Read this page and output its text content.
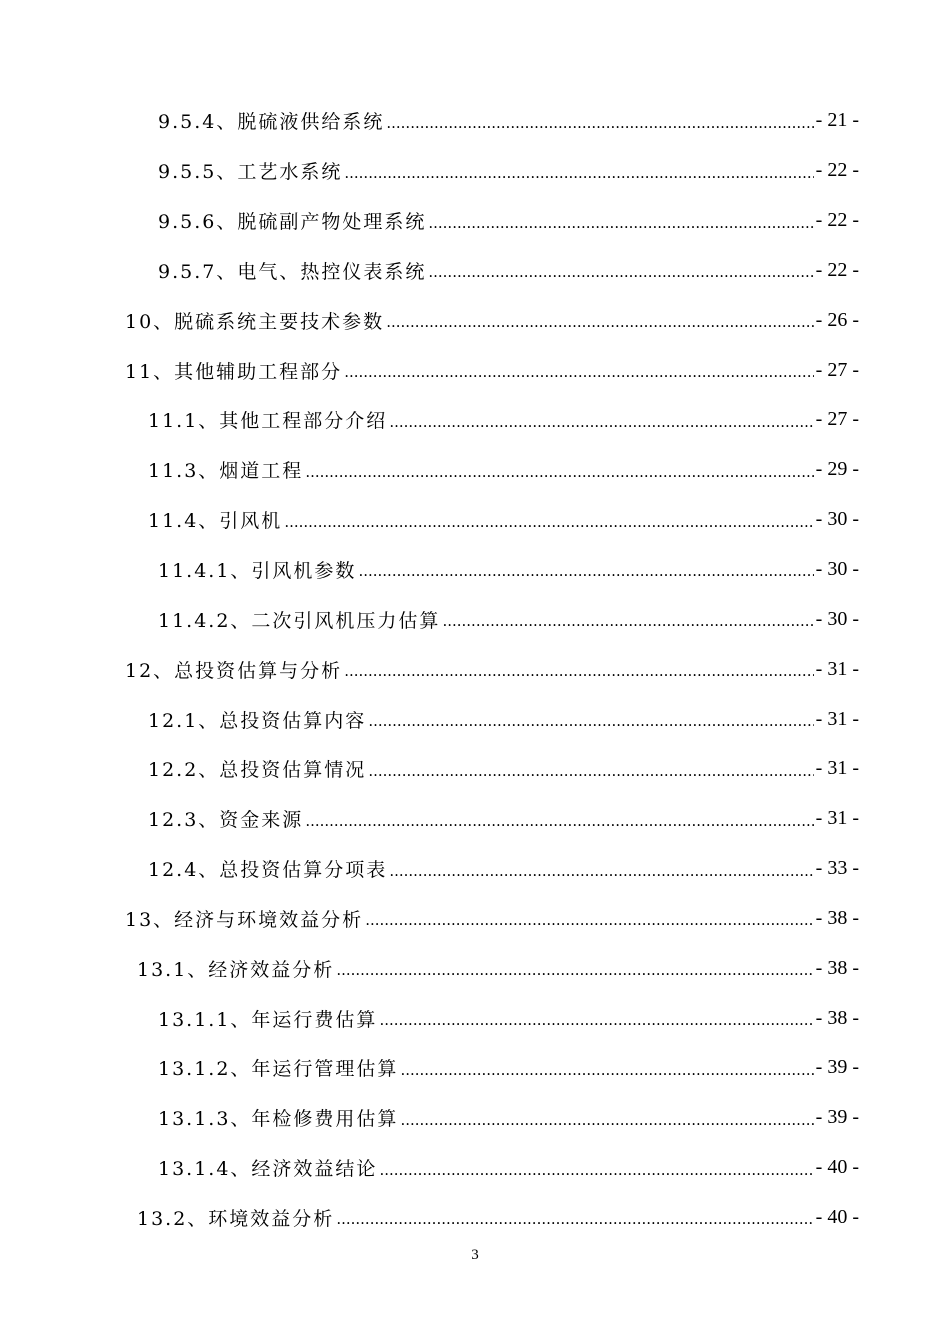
9.5.4、脱硫液供给系统 .....	- 21 -
9.5.5、工艺水系统 .....	- 22 -
9.5.6、脱硫副产物处理系统 .....	- 22 -
9.5.7、电气、热控仪表系统 .....	- 22 -
10、脱硫系统主要技术参数 .....	- 26 -
11、其他辅助工程部分 .....	- 27 -
11.1、其他工程部分介绍 .....	- 27 -
11.3、烟道工程 .....	- 29 -
11.4、引风机 .....	- 30 -
11.4.1、引风机参数 .....	- 30 -
11.4.2、二次引风机压力估算 .....	- 30 -
12、总投资估算与分析 .....	- 31 -
12.1、总投资估算内容 .....	- 31 -
12.2、总投资估算情况 .....	- 31 -
12.3、资金来源 .....	- 31 -
12.4、总投资估算分项表 .....	- 33 -
13、经济与环境效益分析 .....	- 38 -
13.1、经济效益分析 .....	- 38 -
13.1.1、年运行费估算 .....	- 38 -
13.1.2、年运行管理估算 .....	- 39 -
13.1.3、年检修费用估算 .....	- 39 -
13.1.4、经济效益结论 .....	- 40 -
13.2、环境效益分析 .....	- 40 -
3
